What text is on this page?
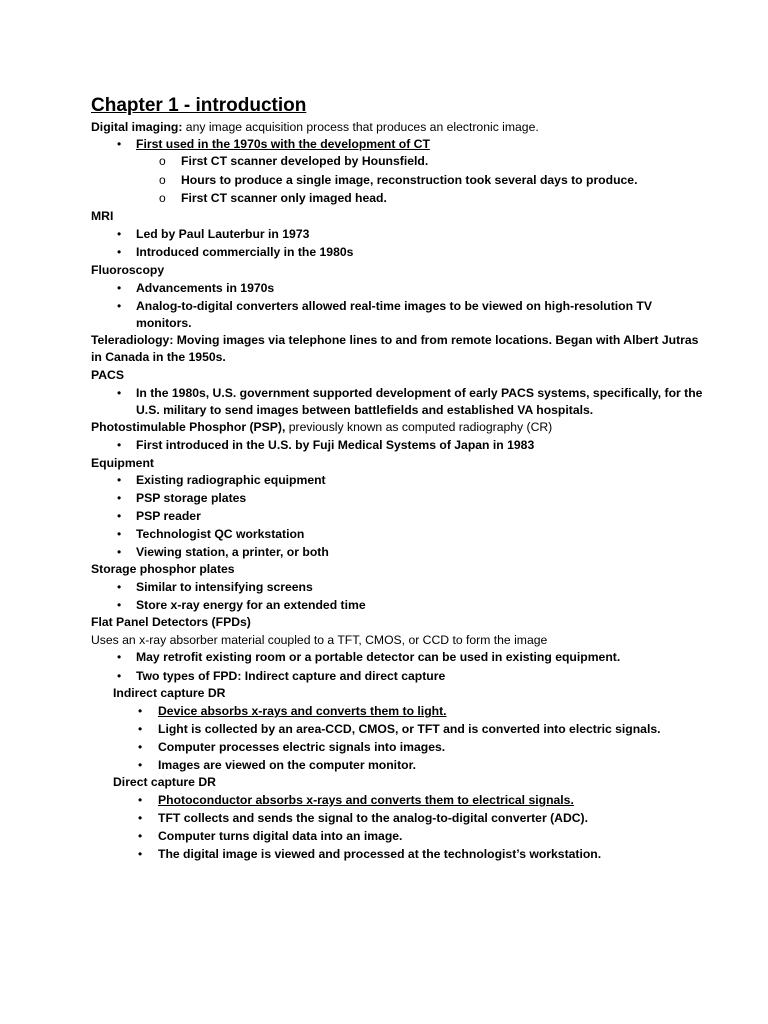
Chapter 1 - introduction
Digital imaging: any image acquisition process that produces an electronic image.
• First used in the 1970s with the development of CT
o First CT scanner developed by Hounsfield.
o Hours to produce a single image, reconstruction took several days to produce.
o First CT scanner only imaged head.
MRI
• Led by Paul Lauterbur in 1973
• Introduced commercially in the 1980s
Fluoroscopy
• Advancements in 1970s
• Analog-to-digital converters allowed real-time images to be viewed on high-resolution TV
monitors.
Teleradiology: Moving images via telephone lines to and from remote locations. Began with Albert Jutras
in Canada in the 1950s.
PACS
• In the 1980s, U.S. government supported development of early PACS systems, specifically, for the
U.S. military to send images between battlefields and established VA hospitals.
Photostimulable Phosphor (PSP), previously known as computed radiography (CR)
• First introduced in the U.S. by Fuji Medical Systems of Japan in 1983
Equipment
• Existing radiographic equipment
• PSP storage plates
• PSP reader
• Technologist QC workstation
• Viewing station, a printer, or both
Storage phosphor plates
• Similar to intensifying screens
• Store x-ray energy for an extended time
Flat Panel Detectors (FPDs)
Uses an x-ray absorber material coupled to a TFT, CMOS, or CCD to form the image
• May retrofit existing room or a portable detector can be used in existing equipment.
• Two types of FPD: Indirect capture and direct capture
Indirect capture DR
• Device absorbs x-rays and converts them to light.
• Light is collected by an area-CCD, CMOS, or TFT and is converted into electric signals.
• Computer processes electric signals into images.
• Images are viewed on the computer monitor.
Direct capture DR
• Photoconductor absorbs x-rays and converts them to electrical signals.
• TFT collects and sends the signal to the analog-to-digital converter (ADC).
• Computer turns digital data into an image.
• The digital image is viewed and processed at the technologist’s workstation.
